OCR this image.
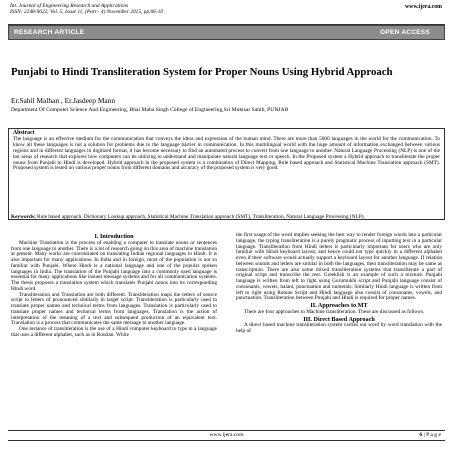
Int. Journal of Engineering Research and Applications
ISSN: 2248-9622, Vol. 5, Issue 11, (Part - 4) November 2015, pp.06-10
www.ijera.com
RESEARCH ARTICLE	OPEN ACCESS
Punjabi to Hindi Transliteration System for Proper Nouns Using Hybrid Approach
Er.Sahil Malhan , Er.Jasdeep Mann
Department Of Computer Science And Engineering, Bhai Maha Singh College of Engineering,Sri Muktsar Sahib, PUNJAB
Abstract
The language is an effective medium for the communication that conveys the ideas and expression of the human mind. There are more than 5000 languages in the world for the communication. To know all these languages is not a solution for problems due to the language barrier in communication. In this multilingual world with the huge amount of information exchanged between various regions and in different languages in digitized format, it has become necessary to find an automated process to convert from one language to another. Natural Language Processing (NLP) is one of the hot areas of research that explores how computers can be utilizing to understand and manipulate natural language text or speech. In the Proposed system a Hybrid approach to transliterate the proper nouns from Punjabi to Hindi is developed. Hybrid approach in the proposed system is a combination of Direct Mapping, Rule based approach and Statistical Machine Translation approach (SMT). Proposed system is tested on various proper nouns from different domains and accuracy of the proposed system is very good.
Keywords: Rule based approach. Dictionary Lookup approach, Statistical Machine Translation approach (SMT), Transliteration, Natural Language Processing (NLP).
I. Introduction

Machine Translation is the process of enabling a computer to translate nouns or sentences from one language to another. There is a lot of research going on this area of machine translation at present. Many works are concentrated on translating Indian regional languages to Hindi. It is also important for many applications. In India and in foreign, most of the population is not so familiar with Punjabi. Where Hindi is a national language and one of the popular spoken languages in India. The translation of the Punjabi language into a commonly used language is essential for many applications like instant message systems and for all communication systems. The thesis proposes a translation system which translates Punjabi nouns into its corresponding Hindi word.

Transliteration and Translation are both different. Transliteration maps the letters of source script to letters of pronounced similarly in target script. Transliteration is particularly used to translate proper names and technical terms from languages. Translation is particularly used to translate proper names and technical terms from languages. Translation is the action of interpretation of the meaning of a text and subsequent production of an equivalent text. Translation is a process that communicates the same message to another language.

One instance of transliteration is the use of a Hindi computer keyboard to type in a language that uses a different alphabet, such as in Russian. While

the first usage of the word implies seeking the best way to render foreign words into a particular language, the typing transliteration is a purely pragmatic process of inputting text in a particular language. Transliteration from Hindi letters is particularly important for users who are only familiar with Hindi keyboard layout, and hence could not type quickly in a different alphabet even if their software would actually support a keyboard layout for another language. If relation between sounds and letters are similar in both the languages, then transliteration may be same as transcription. There are also some mixed transliteration systems that transliterate a part of original script and transcribe the rest. Greeklish is an example of such a mixture. Punjabi language is written from left to right using Gurumukhi script and Punjabi language consist of consonants, vowels, halant, punctuation and numerals. Similarly Hindi language is written from left to right using Roman Script and Hindi language also consist of consonants, vowels, and punctuation. Transliteration between Punjabi and Hindi is required for proper names.

II. Approaches to MT

There are four approaches to Machine transliteration. These are discussed as follows.

III. Direct Based Approach

A direct based machine transliteration system carries out word by word translation with the help of

www.ijera.com	6 | P a g e
